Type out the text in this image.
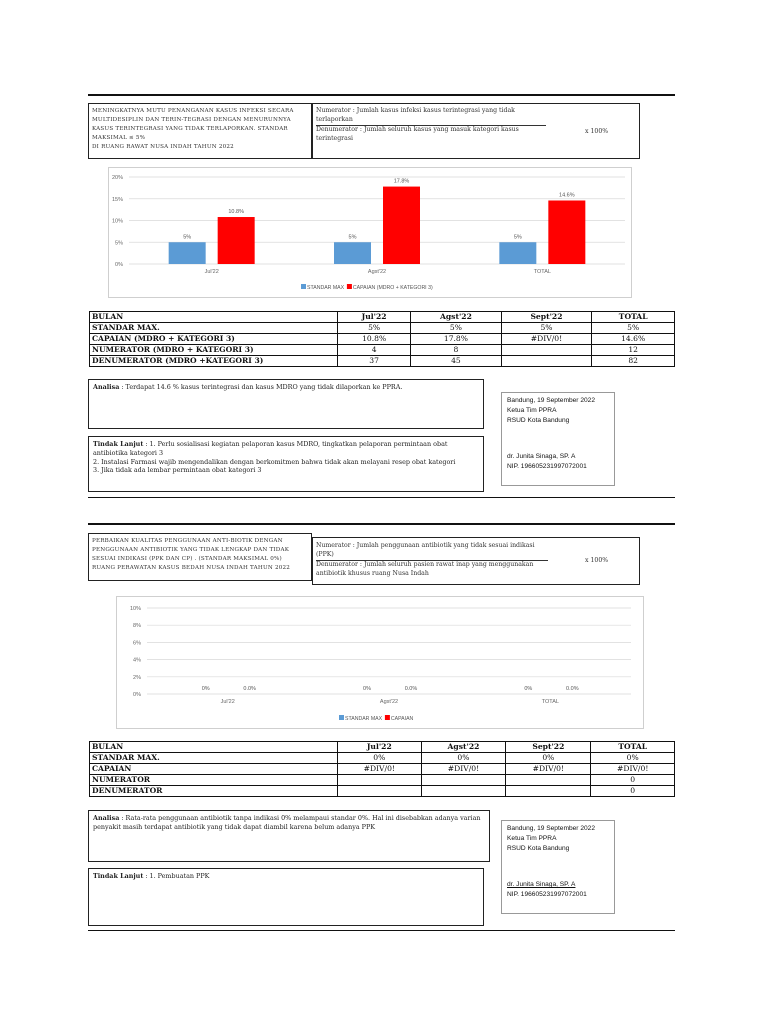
MENINGKATNYA MUTU PENANGANAN KASUS INFEKSI SECARA
MULTIDESIPLIN DAN TERIN-TEGRASI DENGAN MENURUNNYA
KASUS TERINTEGRASI YANG TIDAK TERLAPORKAN. STANDAR
MAKSIMAL ≤ 5%
DI RUANG RAWAT NUSA INDAH TAHUN 2022
Numerator : Jumlah kasus infeksi kasus terintegrasi yang tidak terlaporkan
Denumerator : Jumlah seluruh kasus yang masuk kategori kasus terintegrasi
x 100%
0%
5%
10%
15%
20%
5%
10.8%
Jul'22
5%
17.8%
Agst'22
5%
14.6%
TOTAL
STANDAR MAX CAPAIAN (MDRO + KATEGORI 3)
BULAN	Jul'22	Agst'22	Sept'22	TOTAL
STANDAR MAX.	5%	5%	5%	5%
CAPAIAN (MDRO + KATEGORI 3)	10.8%	17.8%	#DIV/0!	14.6%
NUMERATOR (MDRO + KATEGORI 3)	4	8		12
DENUMERATOR (MDRO +KATEGORI 3)	37	45		82
Analisa : Terdapat 14.6 % kasus terintegrasi dan kasus MDRO yang tidak dilaporkan ke PPRA.
Tindak Lanjut : 1. Perlu sosialisasi kegiatan pelaporan kasus MDRO, tingkatkan pelaporan permintaan obat antibiotika kategori 3
2. Instalasi Farmasi wajib mengendalikan dengan berkomitmen bahwa tidak akan melayani resep obat kategori
3. Jika tidak ada lembar permintaan obat kategori 3
Bandung, 19 September 2022
Ketua Tim PPRA
RSUD Kota Bandung
dr. Junita Sinaga, SP. A
NIP. 196605231997072001
PERBAIKAN KUALITAS PENGGUNAAN ANTI-BIOTIK DENGAN
PENGGUNAAN ANTIBIOTIK YANG TIDAK LENGKAP DAN TIDAK
SESUAI INDIKASI (PPK DAN CP) . (STANDAR MAKSIMAL 0%)
RUANG PERAWATAN KASUS BEDAH NUSA INDAH TAHUN 2022
Numerator : Jumlah penggunaan antibiotik yang tidak sesuai indikasi (PPK)
Denumerator : Jumlah seluruh pasien rawat inap yang menggunakan antibiotik khusus ruang Nusa Indah
x 100%
0%
2%
4%
6%
8%
10%
0%	0.0%
Jul'22
0%	0.0%
Agst'22
0%	0.0%
TOTAL
STANDAR MAX CAPAIAN
BULAN	Jul'22	Agst'22	Sept'22	TOTAL
STANDAR MAX.	0%	0%	0%	0%
CAPAIAN	#DIV/0!	#DIV/0!	#DIV/0!	#DIV/0!
NUMERATOR				0
DENUMERATOR				0
Analisa : Rata-rata penggunaan antibiotik tanpa indikasi 0% melampaui standar 0%. Hal ini disebabkan adanya varian penyakit masih terdapat antibiotik yang tidak dapat diambil karena belum adanya PPK
Tindak Lanjut : 1. Pembuatan PPK
Bandung, 19 September 2022
Ketua Tim PPRA
RSUD Kota Bandung
dr. Junita Sinaga, SP. A
NIP. 196605231997072001
